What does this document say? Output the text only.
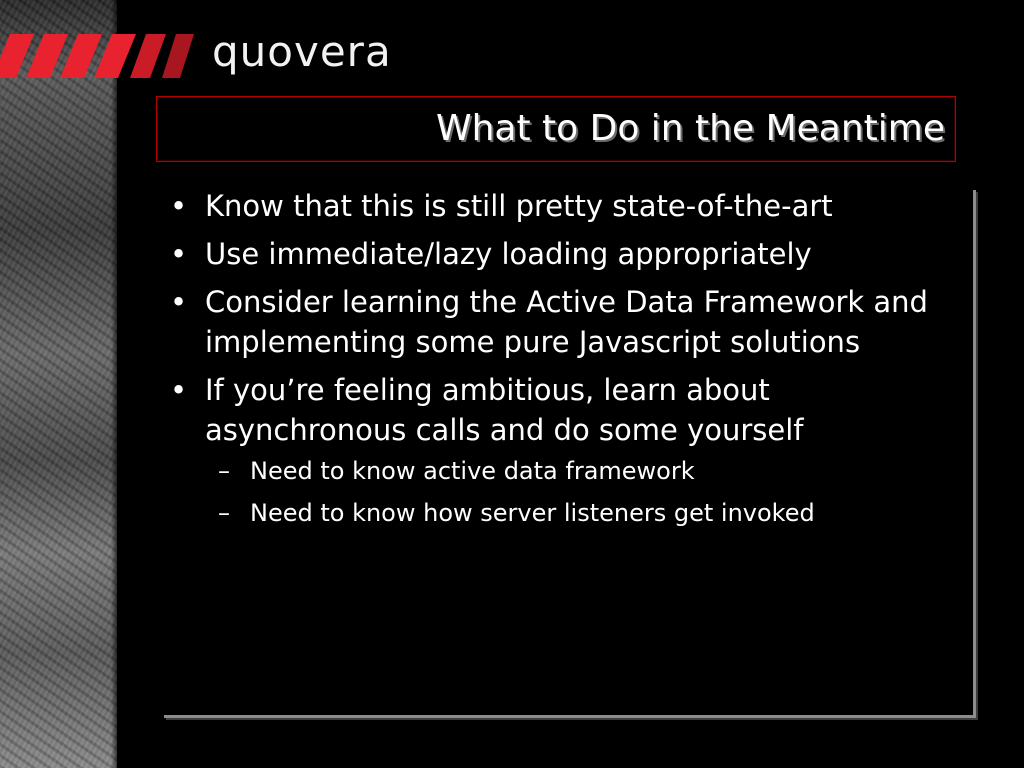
quovera
What to Do in the Meantime
• Know that this is still pretty state-of-the-art
• Use immediate/lazy loading appropriately
• Consider learning the Active Data Framework and implementing some pure Javascript solutions
• If you’re feeling ambitious, learn about asynchronous calls and do some yourself
– Need to know active data framework
– Need to know how server listeners get invoked
